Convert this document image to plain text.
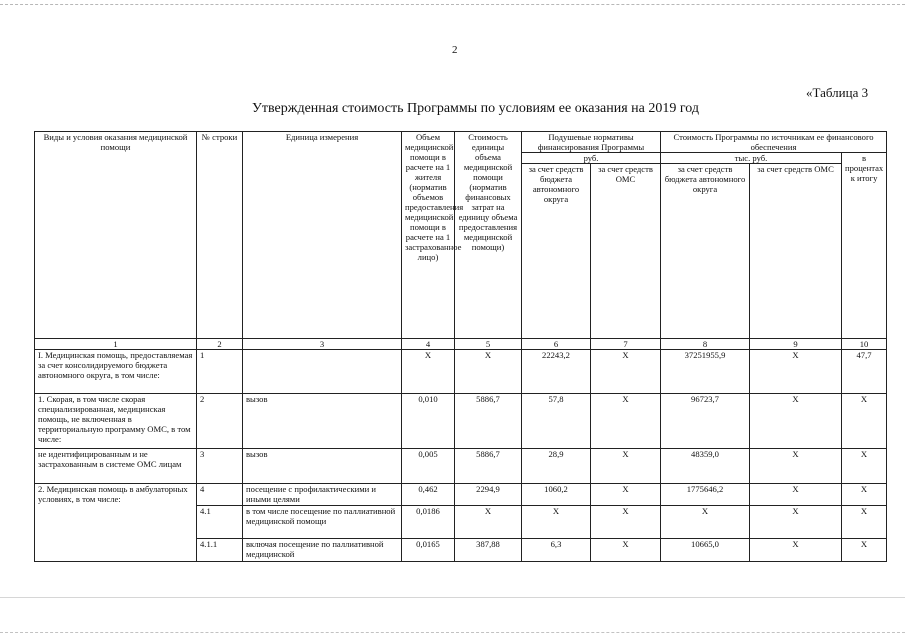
2
«Таблица 3
Утвержденная стоимость Программы по условиям ее оказания на 2019 год
Виды и условия оказания медицинской помощи	№ строки	Единица измерения	Объем медицинской помощи в расчете на 1 жителя (норматив объемов предоставления медицинской помощи в расчете на 1 застрахованное лицо)	Стоимость единицы объема медицинской помощи (норматив финансовых затрат на единицу объема предоставления медицинской помощи)	Подушевые нормативы финансирования Программы		Стоимость Программы по источникам ее финансового обеспечения		
					руб.		тыс. руб.		в процентах к итогу
					за счет средств бюджета автономного округа	за счет средств ОМС	за счет средств бюджета автономного округа	за счет средств ОМС	
1	2	3	4	5	6	7	8	9	10
I. Медицинская помощь, предоставляемая за счет консолидируемого бюджета автономного округа, в том числе:	1		X	X	22243,2	X	37251955,9	X	47,7
1. Скорая, в том числе скорая специализированная, медицинская помощь, не включенная в территориальную программу ОМС, в том числе:	2	вызов	0,010	5886,7	57,8	X	96723,7	X	X
не идентифицированным и не застрахованным в системе ОМС лицам	3	вызов	0,005	5886,7	28,9	X	48359,0	X	X
2. Медицинская помощь в амбулаторных условиях, в том числе:	4	посещение с профилактическими и иными целями	0,462	2294,9	1060,2	X	1775646,2	X	X
	4.1	в том числе посещение по паллиативной медицинской помощи	0,0186	X	X	X	X	X	X
	4.1.1	включая посещение по паллиативной медицинской	0,0165	387,88	6,3	X	10665,0	X	X
